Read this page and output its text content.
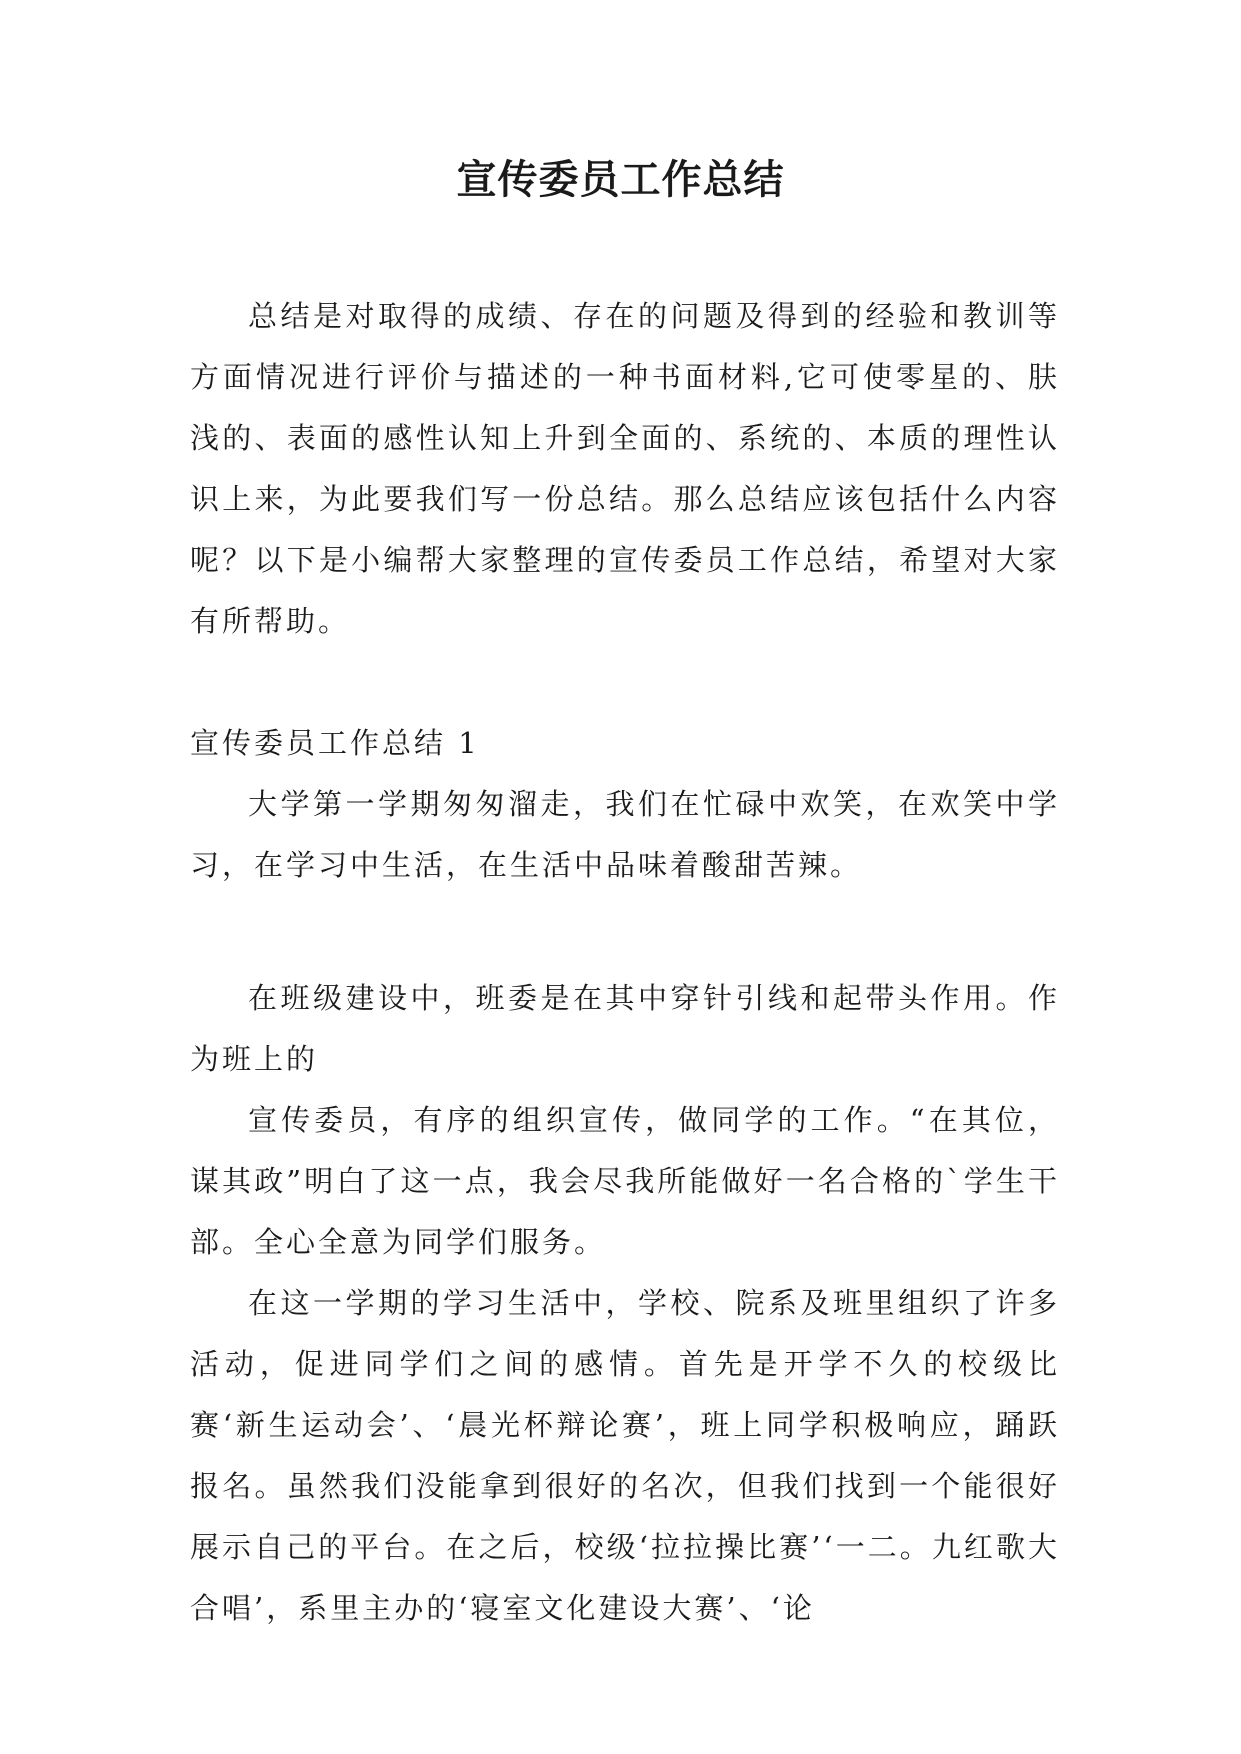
宣传委员工作总结

总结是对取得的成绩、存在的问题及得到的经验和教训等方面情况进行评价与描述的一种书面材料,它可使零星的、肤浅的、表面的感性认知上升到全面的、系统的、本质的理性认识上来，为此要我们写一份总结。那么总结应该包括什么内容呢？以下是小编帮大家整理的宣传委员工作总结，希望对大家有所帮助。

宣传委员工作总结 1

大学第一学期匆匆溜走，我们在忙碌中欢笑，在欢笑中学习，在学习中生活，在生活中品味着酸甜苦辣。

在班级建设中，班委是在其中穿针引线和起带头作用。作为班上的

宣传委员，有序的组织宣传，做同学的工作。“在其位，谋其政”明白了这一点，我会尽我所能做好一名合格的`学生干部。全心全意为同学们服务。

在这一学期的学习生活中，学校、院系及班里组织了许多活动，促进同学们之间的感情。首先是开学不久的校级比赛‘新生运动会’、‘晨光杯辩论赛’，班上同学积极响应，踊跃报名。虽然我们没能拿到很好的名次，但我们找到一个能很好展示自己的平台。在之后，校级‘拉拉操比赛’‘一二。九红歌大合唱’，系里主办的‘寝室文化建设大赛’、‘论
